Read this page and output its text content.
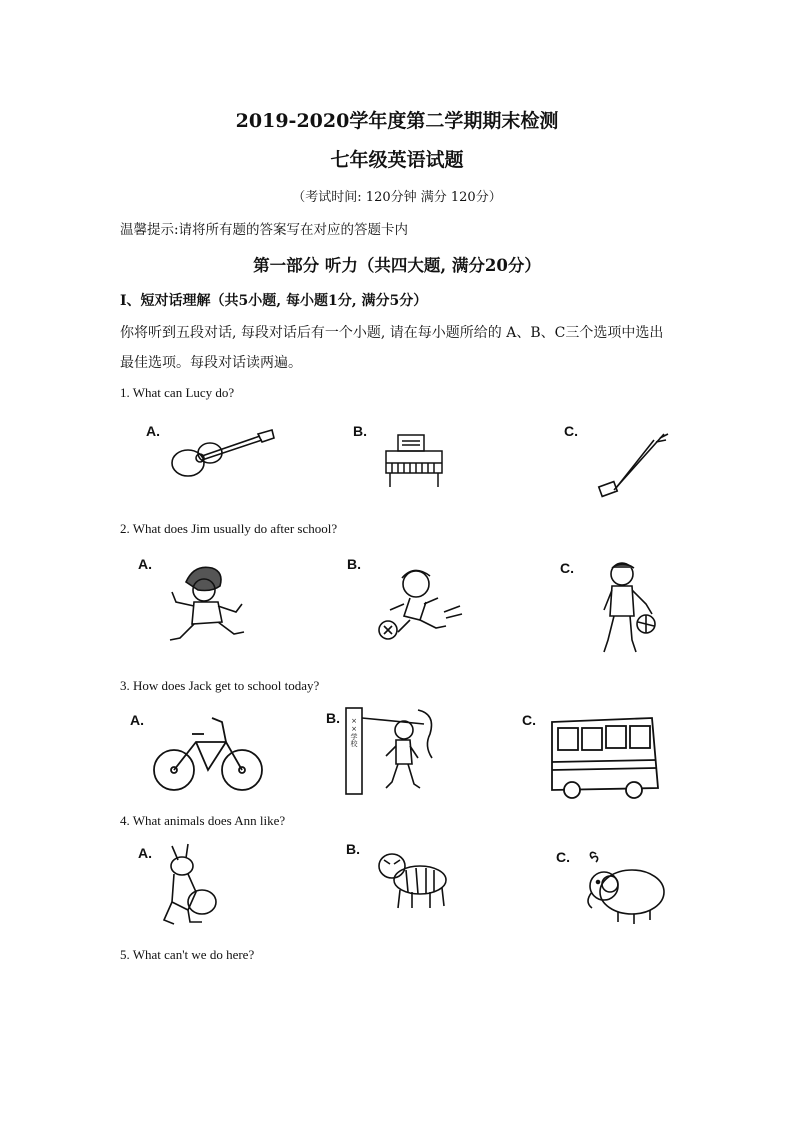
2019-2020学年度第二学期期末检测
七年级英语试题
（考试时间: 120分钟 满分 120分）
温馨提示:请将所有题的答案写在对应的答题卡内
第一部分 听力（共四大题, 满分20分）
Ⅰ、短对话理解（共5小题, 每小题1分, 满分5分）
你将听到五段对话, 每段对话后有一个小题, 请在每小题所给的 A、B、C三个选项中选出
最佳选项。每段对话读两遍。
1. What can Lucy do?
A.	B.	C.
2. What does Jim usually do after school?
A.	B.	C.
3. How does Jack get to school today?
A.	B.	C.
××学校
4. What animals does Ann like?
A.	B.	C.
5. What can't we do here?
